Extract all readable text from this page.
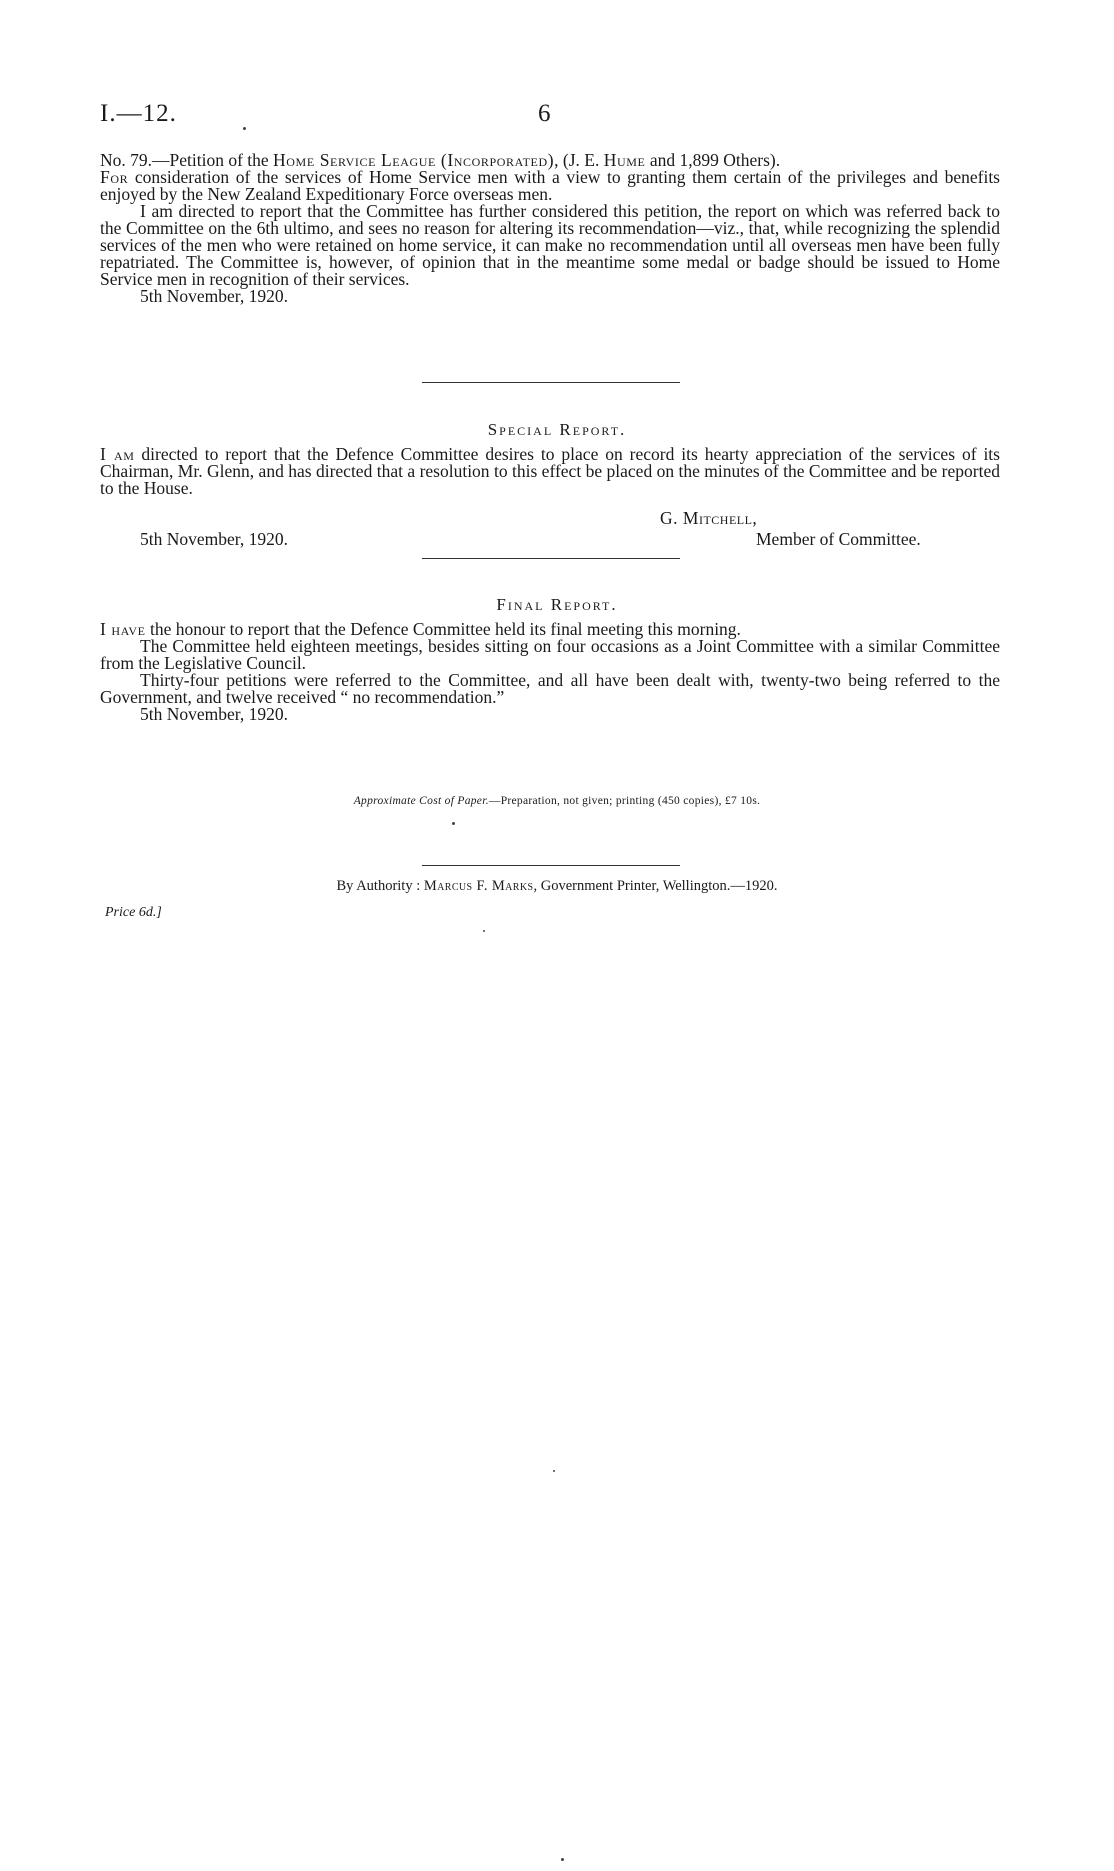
I.—12.	6

No. 79.—Petition of the Home Service League (Incorporated), (J. E. Hume and 1,899 Others).

For consideration of the services of Home Service men with a view to granting them certain of the privileges and benefits enjoyed by the New Zealand Expeditionary Force overseas men.

I am directed to report that the Committee has further considered this petition, the report on which was referred back to the Committee on the 6th ultimo, and sees no reason for altering its recommendation—viz., that, while recognizing the splendid services of the men who were retained on home service, it can make no recommendation until all overseas men have been fully repatriated. The Committee is, however, of opinion that in the meantime some medal or badge should be issued to Home Service men in recognition of their services.

5th November, 1920.

Special Report.

I am directed to report that the Defence Committee desires to place on record its hearty appreciation of the services of its Chairman, Mr. Glenn, and has directed that a resolution to this effect be placed on the minutes of the Committee and be reported to the House.

G. Mitchell,
5th November, 1920.	Member of Committee.
Final Report.

I have the honour to report that the Defence Committee held its final meeting this morning.

The Committee held eighteen meetings, besides sitting on four occasions as a Joint Committee with a similar Committee from the Legislative Council.

Thirty-four petitions were referred to the Committee, and all have been dealt with, twenty-two being referred to the Government, and twelve received “ no recommendation.”

5th November, 1920.

Approximate Cost of Paper.—Preparation, not given; printing (450 copies), £7 10s.
By Authority : Marcus F. Marks, Government Printer, Wellington.—1920.
Price 6d.]
